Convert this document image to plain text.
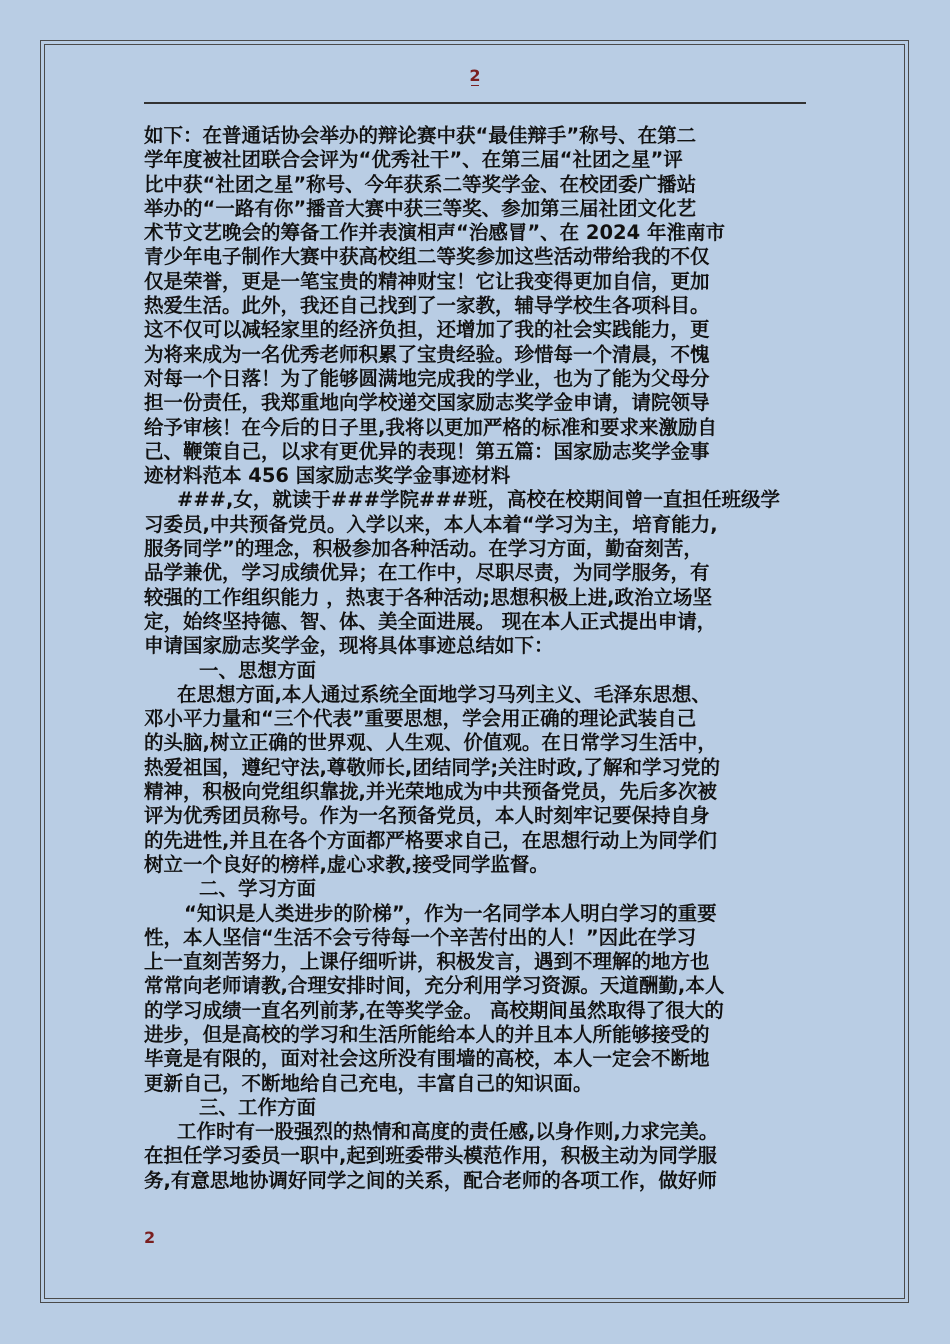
2
如下：在普通话协会举办的辩论赛中获“最佳辩手”称号、在第二
学年度被社团联合会评为“优秀社干”、在第三届“社团之星”评
比中获“社团之星”称号、今年获系二等奖学金、在校团委广播站
举办的“一路有你”播音大赛中获三等奖、参加第三届社团文化艺
术节文艺晚会的筹备工作并表演相声“治感冒”、在 2024 年淮南市
青少年电子制作大赛中获高校组二等奖参加这些活动带给我的不仅
仅是荣誉，更是一笔宝贵的精神财宝！它让我变得更加自信，更加
热爱生活。此外，我还自己找到了一家教，辅导学校生各项科目。
这不仅可以减轻家里的经济负担，还增加了我的社会实践能力，更
为将来成为一名优秀老师积累了宝贵经验。珍惜每一个清晨，不愧
对每一个日落！为了能够圆满地完成我的学业，也为了能为父母分
担一份责任，我郑重地向学校递交国家励志奖学金申请，请院领导
给予审核！在今后的日子里,我将以更加严格的标准和要求来激励自
己、鞭策自己，以求有更优异的表现！第五篇：国家励志奖学金事
迹材料范本 456 国家励志奖学金事迹材料
###,女，就读于###学院###班，高校在校期间曾一直担任班级学
习委员,中共预备党员。入学以来，本人本着“学习为主，培育能力,
服务同学”的理念，积极参加各种活动。在学习方面，勤奋刻苦，
品学兼优，学习成绩优异；在工作中，尽职尽责，为同学服务，有
较强的工作组织能力 ，热衷于各种活动;思想积极上进,政治立场坚
定，始终坚持德、智、体、美全面进展。 现在本人正式提出申请，
申请国家励志奖学金，现将具体事迹总结如下：
一、思想方面
在思想方面,本人通过系统全面地学习马列主义、毛泽东思想、
邓小平力量和“三个代表”重要思想，学会用正确的理论武装自己
的头脑,树立正确的世界观、人生观、价值观。在日常学习生活中，
热爱祖国，遵纪守法,尊敬师长,团结同学;关注时政,了解和学习党的
精神，积极向党组织靠拢,并光荣地成为中共预备党员，先后多次被
评为优秀团员称号。作为一名预备党员，本人时刻牢记要保持自身
的先进性,并且在各个方面都严格要求自己，在思想行动上为同学们
树立一个良好的榜样,虚心求教,接受同学监督。
二、学习方面
“知识是人类进步的阶梯”，作为一名同学本人明白学习的重要
性，本人坚信“生活不会亏待每一个辛苦付出的人！”因此在学习
上一直刻苦努力，上课仔细听讲，积极发言，遇到不理解的地方也
常常向老师请教,合理安排时间，充分利用学习资源。天道酬勤,本人
的学习成绩一直名列前茅,在等奖学金。 高校期间虽然取得了很大的
进步，但是高校的学习和生活所能给本人的并且本人所能够接受的
毕竟是有限的，面对社会这所没有围墙的高校，本人一定会不断地
更新自己，不断地给自己充电，丰富自己的知识面。
三、工作方面
工作时有一股强烈的热情和高度的责任感,以身作则,力求完美。
在担任学习委员一职中,起到班委带头模范作用，积极主动为同学服
务,有意思地协调好同学之间的关系，配合老师的各项工作，做好师
2
